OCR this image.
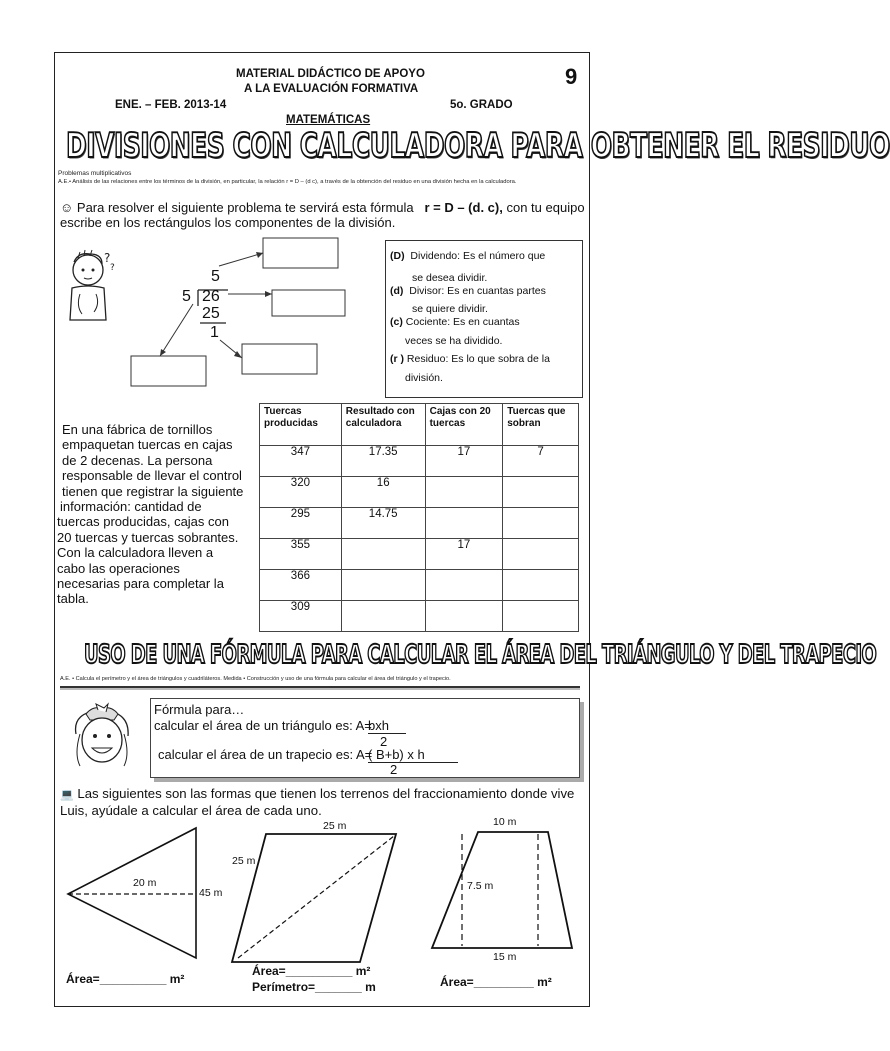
MATERIAL DIDÁCTICO DE APOYO
A LA EVALUACIÓN FORMATIVA	9
ENE. – FEB. 2013-14	5o. GRADO
MATEMÁTICAS
DIVISIONES CON CALCULADORA PARA OBTENER EL RESIDUO
Problemas multiplicativos
A.E.• Análisis de las relaciones entre los términos de la división, en particular, la relación r = D – (d c), a través de la obtención del residuo en una división hecha en la calculadora.
☺ Para resolver el siguiente problema te servirá esta fórmula r = D – (d. c), con tu equipo escribe en los rectángulos los componentes de la división.
?
?	5
5 26
25
1
(D) Dividendo: Es el número que
se desea dividir.
(d) Divisor: Es en cuantas partes
se quiere dividir.
(c) Cociente: Es en cuantas
veces se ha dividido.
(r ) Residuo: Es lo que sobra de la
división.
En una fábrica de tornillos
empaquetan tuercas en cajas
de 2 decenas. La persona
responsable de llevar el control
tienen que registrar la siguiente
información: cantidad de
tuercas producidas, cajas con
20 tuercas y tuercas sobrantes.
Con la calculadora lleven a
cabo las operaciones
necesarias para completar la
tabla.
Tuercas producidas	Resultado con calculadora	Cajas con 20 tuercas	Tuercas que sobran
347	17.35	17	7
320	16		
295	14.75		
355		17	
366			
309			
USO DE UNA FÓRMULA PARA CALCULAR EL ÁREA DEL TRIÁNGULO Y DEL TRAPECIO
A.E. • Calcula el perímetro y el área de triángulos y cuadriláteros. Medida • Construcción y uso de una fórmula para calcular el área del triángulo y el trapecio.
Fórmula para…
calcular el área de un triángulo es: A=
bxh
2
calcular el área de un trapecio es: A=
( B+b) x h
2
💻 Las siguientes son las formas que tienen los terrenos del fraccionamiento donde vive Luis, ayúdale a calcular el área de cada uno.
20 m
45 m
25 m
25 m
10 m
7.5 m
15 m
Área=__________ m²
Área=__________ m²
Perímetro=_______ m	Área=_________ m²
